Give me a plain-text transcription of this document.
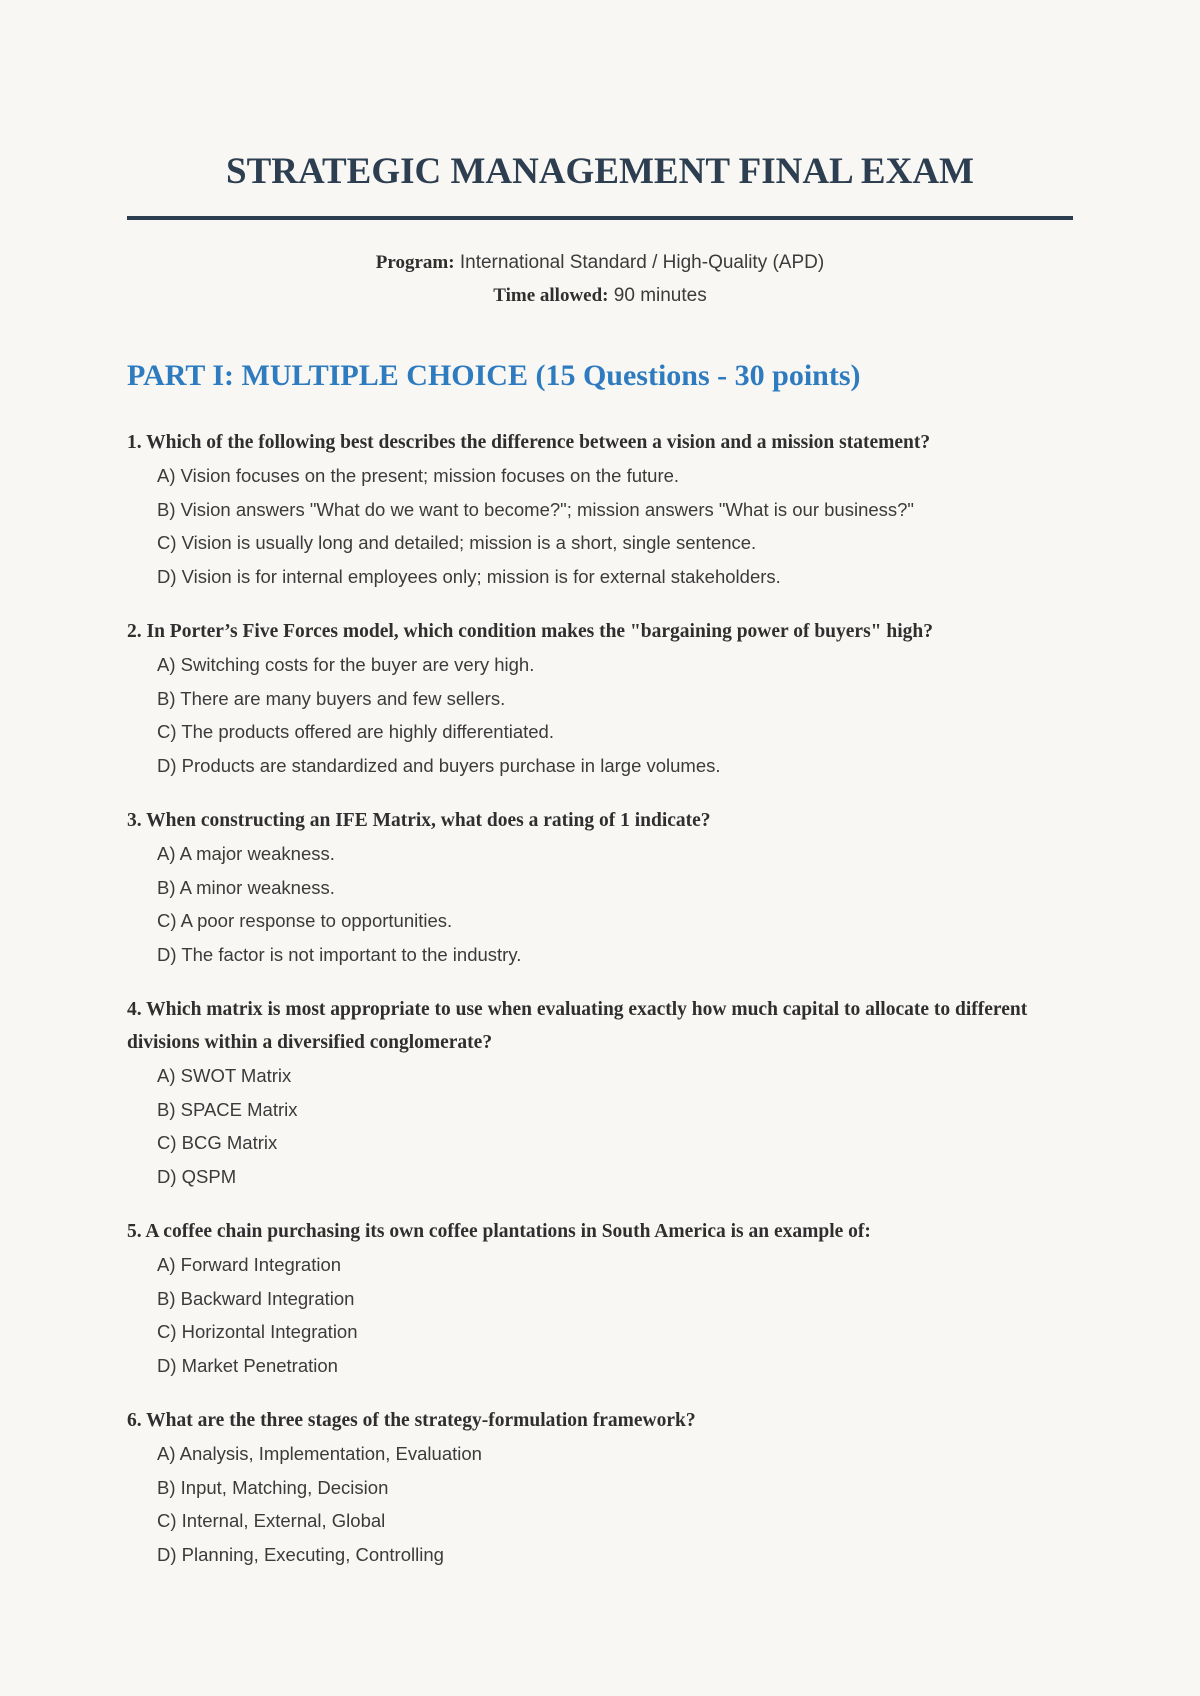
STRATEGIC MANAGEMENT FINAL EXAM
Program: International Standard / High-Quality (APD)
Time allowed: 90 minutes
PART I: MULTIPLE CHOICE (15 Questions - 30 points)

1. Which of the following best describes the difference between a vision and a mission statement?

A) Vision focuses on the present; mission focuses on the future.
B) Vision answers "What do we want to become?"; mission answers "What is our business?"
C) Vision is usually long and detailed; mission is a short, single sentence.
D) Vision is for internal employees only; mission is for external stakeholders.

2. In Porter’s Five Forces model, which condition makes the "bargaining power of buyers" high?

A) Switching costs for the buyer are very high.
B) There are many buyers and few sellers.
C) The products offered are highly differentiated.
D) Products are standardized and buyers purchase in large volumes.

3. When constructing an IFE Matrix, what does a rating of 1 indicate?

A) A major weakness.
B) A minor weakness.
C) A poor response to opportunities.
D) The factor is not important to the industry.

4. Which matrix is most appropriate to use when evaluating exactly how much capital to allocate to different divisions within a diversified conglomerate?

A) SWOT Matrix
B) SPACE Matrix
C) BCG Matrix
D) QSPM

5. A coffee chain purchasing its own coffee plantations in South America is an example of:

A) Forward Integration
B) Backward Integration
C) Horizontal Integration
D) Market Penetration

6. What are the three stages of the strategy-formulation framework?

A) Analysis, Implementation, Evaluation
B) Input, Matching, Decision
C) Internal, External, Global
D) Planning, Executing, Controlling
